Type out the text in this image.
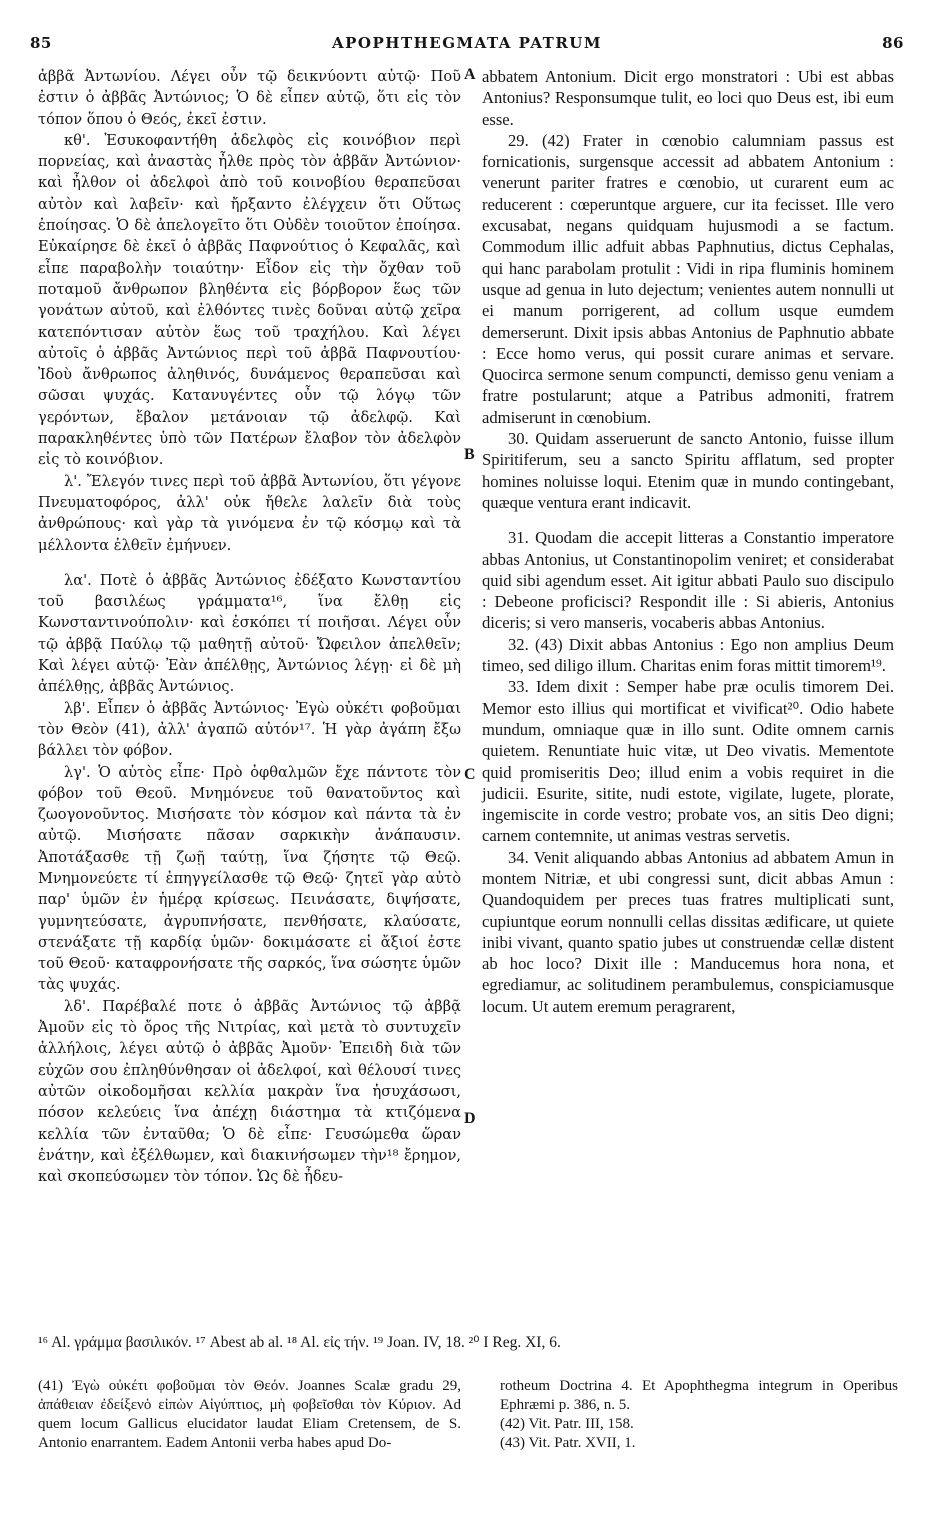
85	APOPHTHEGMATA PATRUM	86

ἀββᾶ Ἀντωνίου. Λέγει οὖν τῷ δεικνύοντι αὐτῷ· Ποῦ ἐστιν ὁ ἀββᾶς Ἀντώνιος; Ὁ δὲ εἶπεν αὐτῷ, ὅτι εἰς τὸν τόπον ὅπου ὁ Θεός, ἐκεῖ ἐστιν.

κθ'. Ἐσυκοφαντήθη ἀδελφὸς εἰς κοινόβιον περὶ πορνείας, καὶ ἀναστὰς ἦλθε πρὸς τὸν ἀββᾶν Ἀντώνιον· καὶ ἦλθον οἱ ἀδελφοὶ ἀπὸ τοῦ κοινοβίου θεραπεῦσαι αὐτὸν καὶ λαβεῖν· καὶ ἤρξαντο ἐλέγχειν ὅτι Οὕτως ἐποίησας. Ὁ δὲ ἀπελογεῖτο ὅτι Οὐδὲν τοιοῦτον ἐποίησα. Εὐκαίρησε δὲ ἐκεῖ ὁ ἀββᾶς Παφνούτιος ὁ Κεφαλᾶς, καὶ εἶπε παραβολὴν τοιαύτην· Εἶδον εἰς τὴν ὄχθαν τοῦ ποταμοῦ ἄνθρωπον βληθέντα εἰς βόρβορον ἕως τῶν γονάτων αὐτοῦ, καὶ ἐλθόντες τινὲς δοῦναι αὐτῷ χεῖρα κατεπόντισαν αὐτὸν ἕως τοῦ τραχήλου. Καὶ λέγει αὐτοῖς ὁ ἀββᾶς Ἀντώνιος περὶ τοῦ ἀββᾶ Παφνουτίου· Ἰδοὺ ἄνθρωπος ἀληθινός, δυνάμενος θεραπεῦσαι καὶ σῶσαι ψυχάς. Κατανυγέντες οὖν τῷ λόγῳ τῶν γερόντων, ἔβαλον μετάνοιαν τῷ ἀδελφῷ. Καὶ παρακληθέντες ὑπὸ τῶν Πατέρων ἔλαβον τὸν ἀδελφὸν εἰς τὸ κοινόβιον.

λ'. Ἔλεγόν τινες περὶ τοῦ ἀββᾶ Ἀντωνίου, ὅτι γέγονε Πνευματοφόρος, ἀλλ' οὐκ ἤθελε λαλεῖν διὰ τοὺς ἀνθρώπους· καὶ γὰρ τὰ γινόμενα ἐν τῷ κόσμῳ καὶ τὰ μέλλοντα ἐλθεῖν ἐμήνυεν.

λα'. Ποτὲ ὁ ἀββᾶς Ἀντώνιος ἐδέξατο Κωνσταντίου τοῦ βασιλέως γράμματα¹⁶, ἵνα ἔλθῃ εἰς Κωνσταντινούπολιν· καὶ ἐσκόπει τί ποιῆσαι. Λέγει οὖν τῷ ἀββᾷ Παύλῳ τῷ μαθητῇ αὐτοῦ· Ὤφειλον ἀπελθεῖν; Καὶ λέγει αὐτῷ· Ἐὰν ἀπέλθῃς, Ἀντώνιος λέγῃ· εἰ δὲ μὴ ἀπέλθῃς, ἀββᾶς Ἀντώνιος.

λβ'. Εἶπεν ὁ ἀββᾶς Ἀντώνιος· Ἐγὼ οὐκέτι φοβοῦμαι τὸν Θεὸν (41), ἀλλ' ἀγαπῶ αὐτόν¹⁷. Ἡ γὰρ ἀγάπη ἔξω βάλλει τὸν φόβον.

λγ'. Ὁ αὐτὸς εἶπε· Πρὸ ὀφθαλμῶν ἔχε πάντοτε τὸν φόβον τοῦ Θεοῦ. Μνημόνευε τοῦ θανατοῦντος καὶ ζωογονοῦντος. Μισήσατε τὸν κόσμον καὶ πάντα τὰ ἐν αὐτῷ. Μισήσατε πᾶσαν σαρκικὴν ἀνάπαυσιν. Ἀποτάξασθε τῇ ζωῇ ταύτῃ, ἵνα ζήσητε τῷ Θεῷ. Μνημονεύετε τί ἐπηγγείλασθε τῷ Θεῷ· ζητεῖ γὰρ αὐτὸ παρ' ὑμῶν ἐν ἡμέρᾳ κρίσεως. Πεινάσατε, διψήσατε, γυμνητεύσατε, ἀγρυπνήσατε, πενθήσατε, κλαύσατε, στενάξατε τῇ καρδίᾳ ὑμῶν· δοκιμάσατε εἰ ἄξιοί ἐστε τοῦ Θεοῦ· καταφρονήσατε τῆς σαρκός, ἵνα σώσητε ὑμῶν τὰς ψυχάς.

λδ'. Παρέβαλέ ποτε ὁ ἀββᾶς Ἀντώνιος τῷ ἀββᾷ Ἀμοῦν εἰς τὸ ὄρος τῆς Νιτρίας, καὶ μετὰ τὸ συντυχεῖν ἀλλήλοις, λέγει αὐτῷ ὁ ἀββᾶς Ἀμοῦν· Ἐπειδὴ διὰ τῶν εὐχῶν σου ἐπληθύνθησαν οἱ ἀδελφοί, καὶ θέλουσί τινες αὐτῶν οἰκοδομῆσαι κελλία μακρὰν ἵνα ἡσυχάσωσι, πόσον κελεύεις ἵνα ἀπέχῃ διάστημα τὰ κτιζόμενα κελλία τῶν ἐνταῦθα; Ὁ δὲ εἶπε· Γευσώμεθα ὥραν ἐνάτην, καὶ ἐξέλθωμεν, καὶ διακινήσωμεν τὴν¹⁸ ἔρημον, καὶ σκοπεύσωμεν τὸν τόπον. Ὡς δὲ ἦδευ-

A
B
C
D

abbatem Antonium. Dicit ergo monstratori : Ubi est abbas Antonius? Responsumque tulit, eo loci quo Deus est, ibi eum esse.

29. (42) Frater in cœnobio calumniam passus est fornicationis, surgensque accessit ad abbatem Antonium : venerunt pariter fratres e cœnobio, ut curarent eum ac reducerent : cœperuntque arguere, cur ita fecisset. Ille vero excusabat, negans quidquam hujusmodi a se factum. Commodum illic adfuit abbas Paphnutius, dictus Cephalas, qui hanc parabolam protulit : Vidi in ripa fluminis hominem usque ad genua in luto dejectum; venientes autem nonnulli ut ei manum porrigerent, ad collum usque eumdem demerserunt. Dixit ipsis abbas Antonius de Paphnutio abbate : Ecce homo verus, qui possit curare animas et servare. Quocirca sermone senum compuncti, demisso genu veniam a fratre postularunt; atque a Patribus admoniti, fratrem admiserunt in cœnobium.

30. Quidam asseruerunt de sancto Antonio, fuisse illum Spiritiferum, seu a sancto Spiritu afflatum, sed propter homines noluisse loqui. Etenim quæ in mundo contingebant, quæque ventura erant indicavit.

31. Quodam die accepit litteras a Constantio imperatore abbas Antonius, ut Constantinopolim veniret; et considerabat quid sibi agendum esset. Ait igitur abbati Paulo suo discipulo : Debeone proficisci? Respondit ille : Si abieris, Antonius diceris; si vero manseris, vocaberis abbas Antonius.

32. (43) Dixit abbas Antonius : Ego non amplius Deum timeo, sed diligo illum. Charitas enim foras mittit timorem¹⁹.

33. Idem dixit : Semper habe præ oculis timorem Dei. Memor esto illius qui mortificat et vivificat²⁰. Odio habete mundum, omniaque quæ in illo sunt. Odite omnem carnis quietem. Renuntiate huic vitæ, ut Deo vivatis. Mementote quid promiseritis Deo; illud enim a vobis requiret in die judicii. Esurite, sitite, nudi estote, vigilate, lugete, plorate, ingemiscite in corde vestro; probate vos, an sitis Deo digni; carnem contemnite, ut animas vestras servetis.

34. Venit aliquando abbas Antonius ad abbatem Amun in montem Nitriæ, et ubi congressi sunt, dicit abbas Amun : Quandoquidem per preces tuas fratres multiplicati sunt, cupiuntque eorum nonnulli cellas dissitas ædificare, ut quiete inibi vivant, quanto spatio jubes ut construendæ cellæ distent ab hoc loco? Dixit ille : Manducemus hora nona, et egrediamur, ac solitudinem perambulemus, conspiciamusque locum. Ut autem eremum peragrarent,

¹⁶ Al. γράμμα βασιλικόν. ¹⁷ Abest ab al. ¹⁸ Al. εἰς τήν. ¹⁹ Joan. IV, 18. ²⁰ I Reg. XI, 6.

(41) Ἐγὼ οὐκέτι φοβοῦμαι τὸν Θεόν. Joannes Scalæ gradu 29, ἀπάθειαν ἐδείξενὁ εἰπὼν Αἰγύπτιος, μὴ φοβεῖσθαι τὸν Κύριον. Ad quem locum Gallicus elucidator laudat Eliam Cretensem, de S. Antonio enarrantem. Eadem Antonii verba habes apud Do-

rotheum Doctrina 4. Et Apophthegma integrum in Operibus Ephræmi p. 386, n. 5.

(42) Vit. Patr. III, 158.

(43) Vit. Patr. XVII, 1.
